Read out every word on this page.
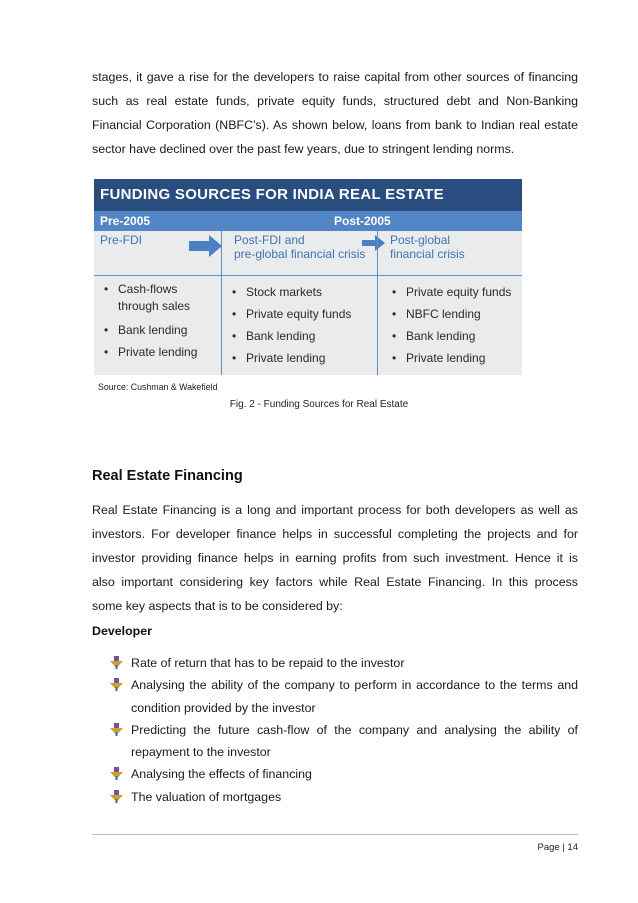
stages, it gave a rise for the developers to raise capital from other sources of financing
such as real estate funds, private equity funds, structured debt and Non-Banking
Financial Corporation (NBFC’s). As shown below, loans from bank to Indian real estate
sector have declined over the past few years, due to stringent lending norms.
FUNDING SOURCES FOR INDIA REAL ESTATE
Pre-2005	Post-2005
Pre-FDI	Post-FDI and
pre-global financial crisis
Post-global
financial crisis
• Cash-flows through sales
• Bank lending
• Private lending
• Stock markets
• Private equity funds
• Bank lending
• Private lending
• Private equity funds
• NBFC lending
• Bank lending
• Private lending
Source: Cushman & Wakefield
Fig. 2 - Funding Sources for Real Estate
Real Estate Financing
Real Estate Financing is a long and important process for both developers as well as
investors. For developer finance helps in successful completing the projects and for
investor providing finance helps in earning profits from such investment. Hence it is
also important considering key factors while Real Estate Financing. In this process
some key aspects that is to be considered by:
Developer
Rate of return that has to be repaid to the investor
Analysing the ability of the company to perform in accordance to the terms and
condition provided by the investor
Predicting the future cash-flow of the company and analysing the ability of
repayment to the investor
Analysing the effects of financing
The valuation of mortgages
Page | 14
